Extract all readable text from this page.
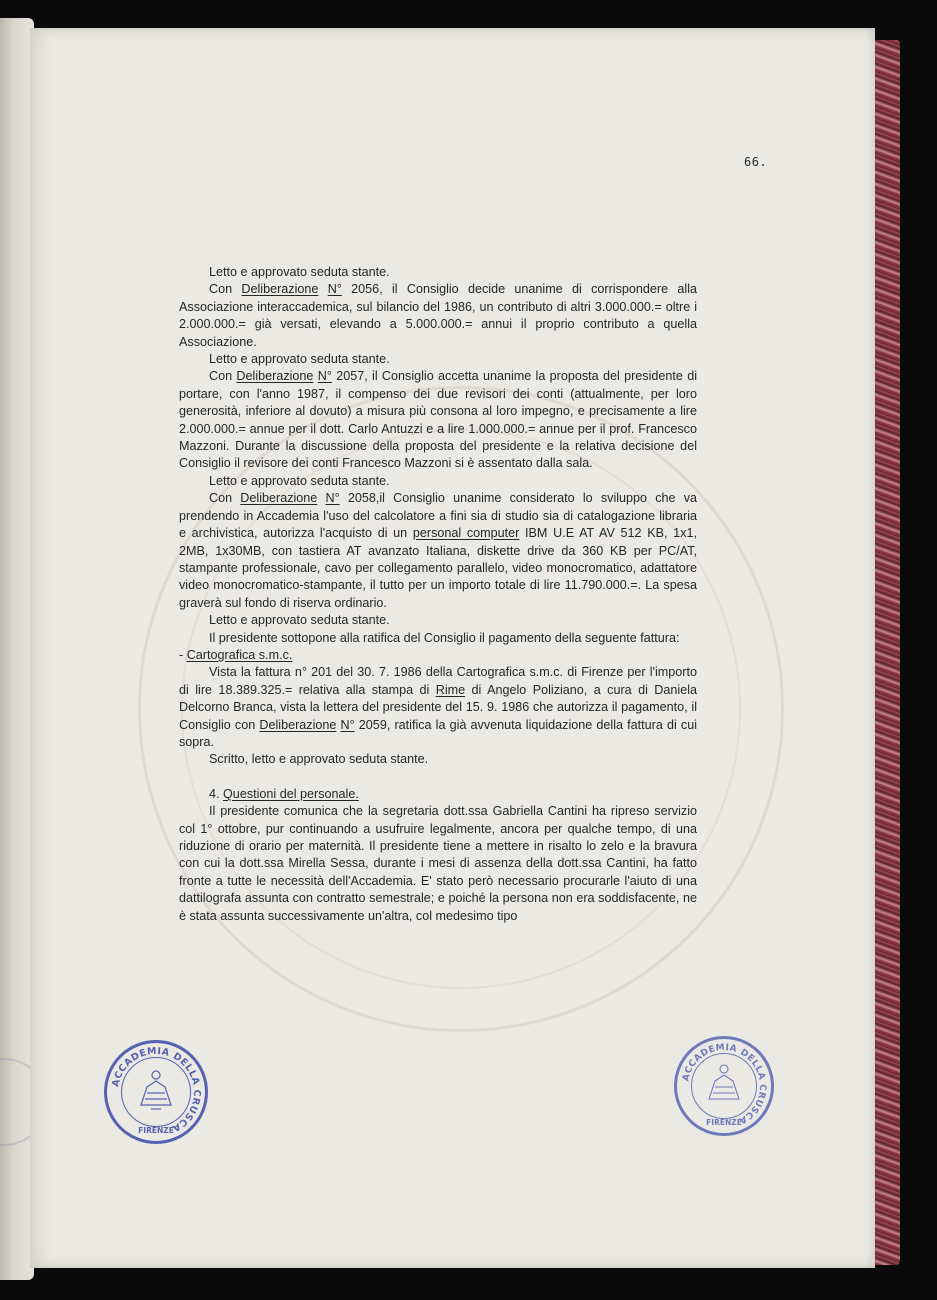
66.

Letto e approvato seduta stante.

Con Deliberazione N° 2056, il Consiglio decide unanime di corrispondere alla Associazione interaccademica, sul bilancio del 1986, un contributo di altri 3.000.000.= oltre i 2.000.000.= già versati, elevando a 5.000.000.= annui il proprio contributo a quella Associazione.

Letto e approvato seduta stante.

Con Deliberazione N° 2057, il Consiglio accetta unanime la proposta del presidente di portare, con l'anno 1987, il compenso dei due revisori dei conti (attualmente, per loro generosità, inferiore al dovuto) a misura più consona al loro impegno, e precisamente a lire 2.000.000.= annue per il dott. Carlo Antuzzi e a lire 1.000.000.= annue per il prof. Francesco Mazzoni. Durante la discussione della proposta del presidente e la relativa decisione del Consiglio il revisore dei conti Francesco Mazzoni si è assentato dalla sala.

Letto e approvato seduta stante.

Con Deliberazione N° 2058,il Consiglio unanime considerato lo sviluppo che va prendendo in Accademia l'uso del calcolatore a fini sia di studio sia di catalogazione libraria e archivistica, autorizza l'acquisto di un personal computer IBM U.E AT AV 512 KB, 1x1, 2MB, 1x30MB, con tastiera AT avanzato Italiana, diskette drive da 360 KB per PC/AT, stampante professionale, cavo per collegamento parallelo, video monocromatico, adattatore video monocromatico-stampante, il tutto per un importo totale di lire 11.790.000.=. La spesa graverà sul fondo di riserva ordinario.

Letto e approvato seduta stante.

Il presidente sottopone alla ratifica del Consiglio il pagamento della seguente fattura:

- Cartografica s.m.c.

Vista la fattura n° 201 del 30. 7. 1986 della Cartografica s.m.c. di Firenze per l'importo di lire 18.389.325.= relativa alla stampa di Rime di Angelo Poliziano, a cura di Daniela Delcorno Branca, vista la lettera del presidente del 15. 9. 1986 che autorizza il pagamento, il Consiglio con Deliberazione N° 2059, ratifica la già avvenuta liquidazione della fattura di cui sopra.

Scritto, letto e approvato seduta stante.

4. Questioni del personale.

Il presidente comunica che la segretaria dott.ssa Gabriella Cantini ha ripreso servizio col 1° ottobre, pur continuando a usufruire legalmente, ancora per qualche tempo, di una riduzione di orario per maternità. Il presidente tiene a mettere in risalto lo zelo e la bravura con cui la dott.ssa Mirella Sessa, durante i mesi di assenza della dott.ssa Cantini, ha fatto fronte a tutte le necessità dell'Accademia. E' stato però necessario procurarle l'aiuto di una dattilografa assunta con contratto semestrale; e poiché la persona non era soddisfacente, ne è stata assunta successivamente un'altra, col medesimo tipo

ACCADEMIA DELLA CRUSCA
FIRENZE
ACCADEMIA DELLA CRUSCA
FIRENZE
